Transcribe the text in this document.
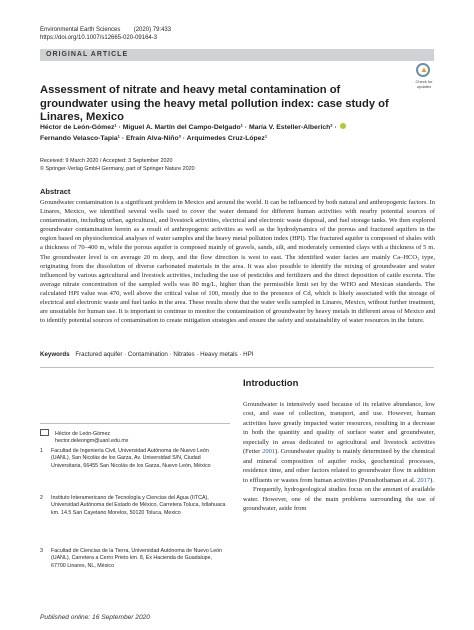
Environmental Earth Sciences (2020) 79:433
https://doi.org/10.1007/s12665-020-09164-3
ORIGINAL ARTICLE
▲
Check for updates
Assessment of nitrate and heavy metal contamination of groundwater using the heavy metal pollution index: case study of Linares, Mexico
Héctor de León-Gómez¹ · Miguel A. Martín del Campo-Delgado¹ · María V. Esteller-Alberich² ·
Fernando Velasco-Tapia¹ · Efraín Alva-Niño³ · Arquímedes Cruz-López¹
Received: 9 March 2020 / Accepted: 3 September 2020
© Springer-Verlag GmbH Germany, part of Springer Nature 2020
Abstract
Groundwater contamination is a significant problem in Mexico and around the world. It can be influenced by both natural and anthropogenic factors. In Linares, Mexico, we identified several wells used to cover the water demand for different human activities with nearby potential sources of contamination, including urban, agricultural, and livestock activities, electrical and electronic waste disposal, and fuel storage tanks. We then explored groundwater contamination herein as a result of anthropogenic activities as well as the hydrodynamics of the porous and fractured aquifers in the region based on physiochemical analyses of water samples and the heavy metal pollution index (HPI). The fractured aquifer is composed of shales with a thickness of 70–400 m, while the porous aquifer is composed mainly of gravels, sands, silt, and moderately cemented clays with a thickness of 5 m. The groundwater level is on average 20 m deep, and the flow direction is west to east. The identified water facies are mainly Ca–HCO₃ type, originating from the dissolution of diverse carbonated materials in the area. It was also possible to identify the mixing of groundwater and water influenced by various agricultural and livestock activities, including the use of pesticides and fertilizers and the direct deposition of cattle excreta. The average nitrate concentration of the sampled wells was 80 mg/L, higher than the permissible limit set by the WHO and Mexican standards. The calculated HPI value was 470, well above the critical value of 100, mostly due to the presence of Cd, which is likely associated with the storage of electrical and electronic waste and fuel tanks in the area. These results show that the water wells sampled in Linares, Mexico, without further treatment, are unsuitable for human use. It is important to continue to monitor the contamination of groundwater by heavy metals in different areas of Mexico and to identify potential sources of contamination to create mitigation strategies and ensure the safety and sustainability of water resources in the future.
Keywords Fractured aquifer · Contamination · Nitrates · Heavy metals · HPI
Introduction
Groundwater is intensively used because of its relative abundance, low cost, and ease of collection, transport, and use. However, human activities have greatly impacted water resources, resulting in a decrease in both the quantity and quality of surface water and groundwater, especially in areas dedicated to agricultural and livestock activities (Fetter 2001). Groundwater quality is mainly determined by the chemical and mineral composition of aquifer rocks, geochemical processes, residence time, and other factors related to groundwater flow in addition to effluents or wastes from human activities (Purushothaman et al. 2017).
Frequently, hydrogeological studies focus on the amount of available water. However, one of the main problems surrounding the use of groundwater, aside from
Héctor de León-Gómez
hector.deleongm@uanl.edu.mx
1 Facultad de Ingeniería Civil, Universidad Autónoma de Nuevo León (UANL), San Nicolás de los Garza, Av. Universidad S/N, Ciudad Universitaria, 66455 San Nicolás de los Garza, Nuevo León, México
2 Instituto Interamericano de Tecnología y Ciencias del Agua (IITCA), Universidad Autónoma del Estado de México, Carretera Toluca, Ixtlahuaca km. 14.5 San Cayetano Morelos, 50120 Toluca, Mexico
3 Facultad de Ciencias de la Tierra, Universidad Autónoma de Nuevo León (UANL), Carretera a Cerro Prieto km. 8, Ex Hacienda de Guadalupe, 67700 Linares, NL, México
Published online: 16 September 2020
